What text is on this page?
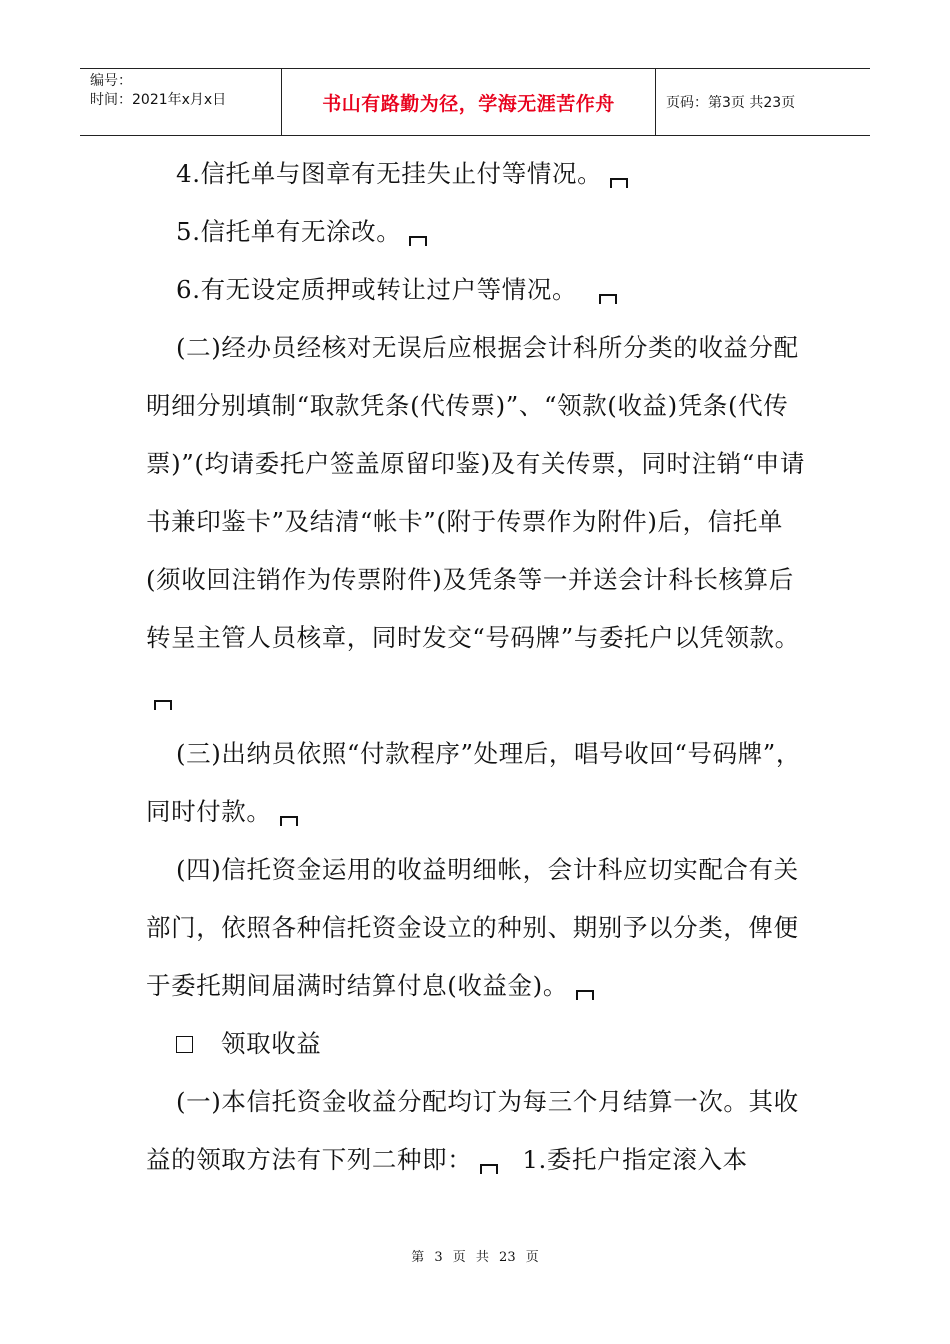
编号：
时间：2021年x月x日	书山有路勤为径，学海无涯苦作舟	页码：第3页 共23页

4.信托单与图章有无挂失止付等情况。

5.信托单有无涂改。

6.有无设定质押或转让过户等情况。

(二)经办员经核对无误后应根据会计科所分类的收益分配明细分别填制“取款凭条(代传票)”、“领款(收益)凭条(代传票)”(均请委托户签盖原留印鉴)及有关传票，同时注销“申请书兼印鉴卡”及结清“帐卡”(附于传票作为附件)后，信托单(须收回注销作为传票附件)及凭条等一并送会计科长核算后转呈主管人员核章，同时发交“号码牌”与委托户以凭领款。

(三)出纳员依照“付款程序”处理后，唱号收回“号码牌”，同时付款。

(四)信托资金运用的收益明细帐，会计科应切实配合有关部门，依照各种信托资金设立的种别、期别予以分类，俾便于委托期间届满时结算付息(收益金)。

领取收益

(一)本信托资金收益分配均订为每三个月结算一次。其收益的领取方法有下列二种即： 1.委托户指定滚入本

第 3 页 共 23 页
